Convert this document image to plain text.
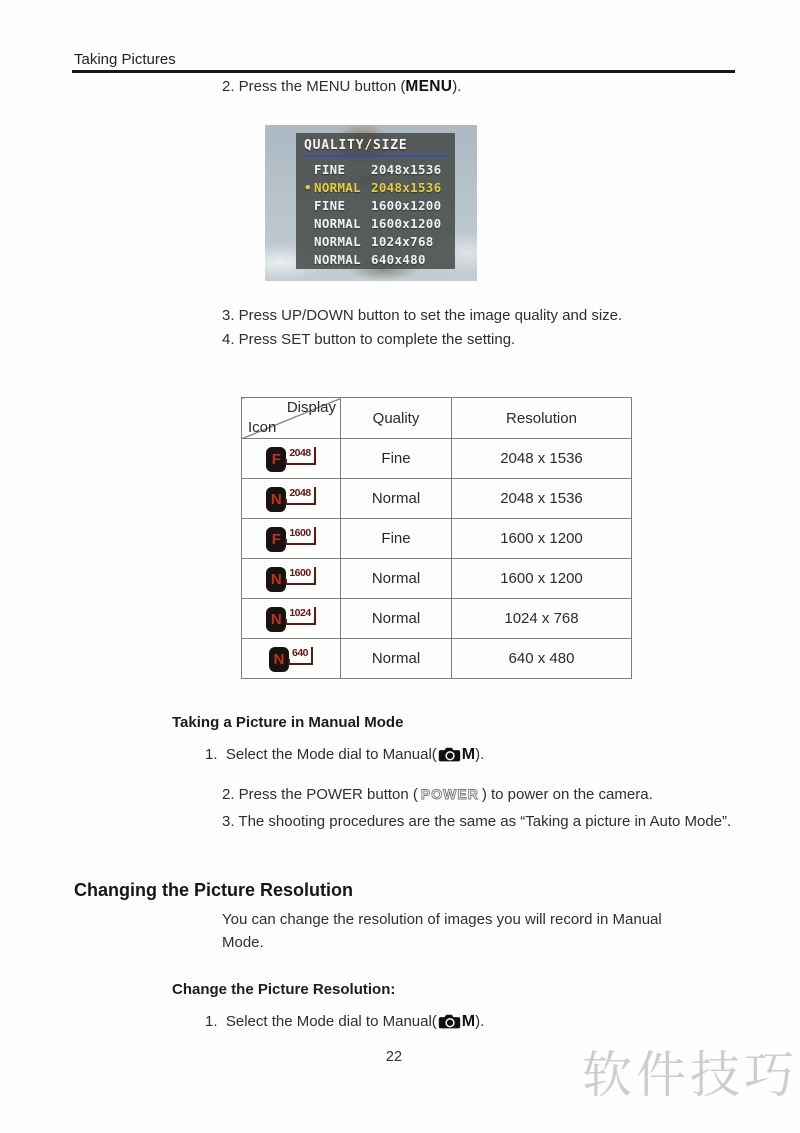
Taking Pictures
2. Press the MENU button (MENU).
QUALITY/SIZE
FINE 2048x1536
• NORMAL 2048x1536
FINE 1600x1200
NORMAL 1600x1200
NORMAL 1024x768
NORMAL 640x480
3. Press UP/DOWN button to set the image quality and size.
4. Press SET button to complete the setting.
Display
Icon	Quality	Resolution

F 2048	Fine	2048 x 1536

N 2048	Normal	2048 x 1536

F 1600	Fine	1600 x 1200

N 1600	Normal	1600 x 1200

N 1024	Normal	1024 x 768

N 640	Normal	640 x 480
Taking a Picture in Manual Mode
1.  Select the Mode dial to Manual( M).
2. Press the POWER button ( POWER ) to power on the camera.
3. The shooting procedures are the same as “Taking a picture in Auto Mode”.
Changing the Picture Resolution
You can change the resolution of images you will record in Manual Mode.
Change the Picture Resolution:
1.  Select the Mode dial to Manual( M).
22	软件技巧
